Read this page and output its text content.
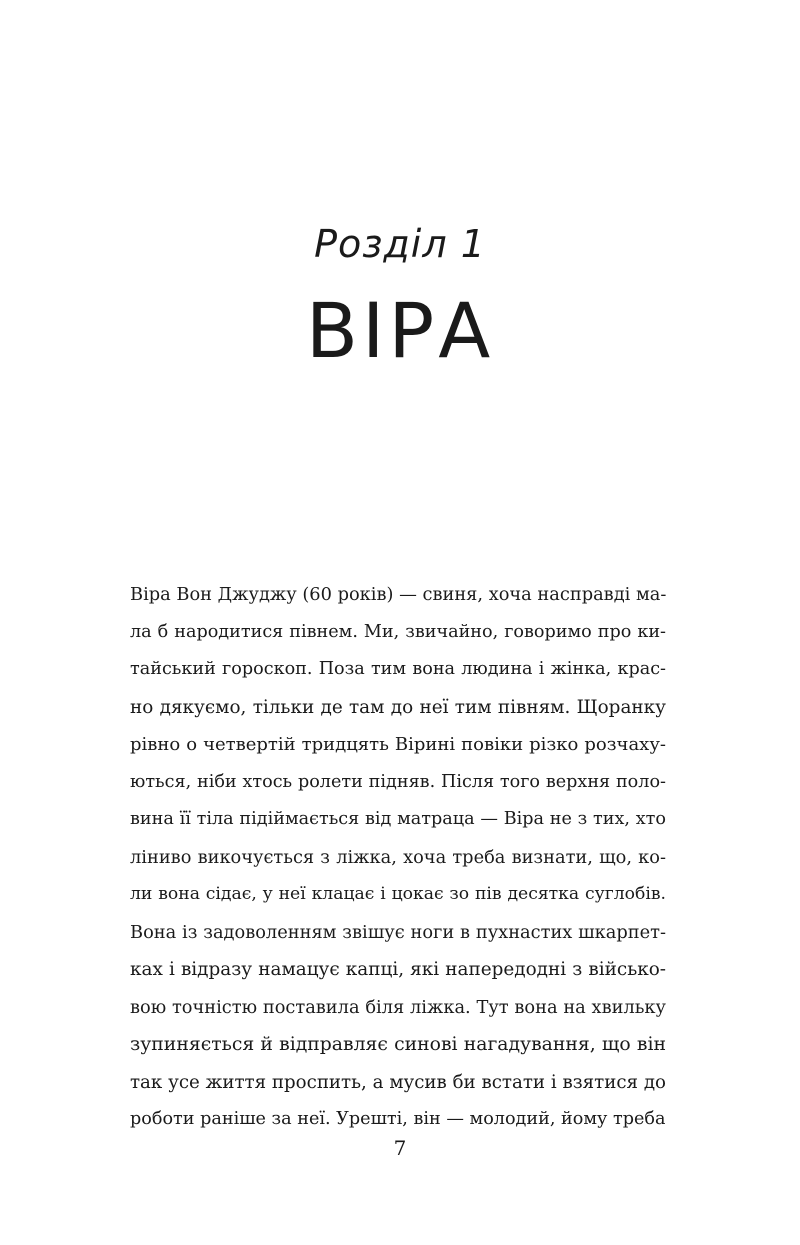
Розділ 1
ВІРА
Віра Вон Джуджу (60 років) — свиня, хоча насправді ма-
ла б народитися півнем. Ми, звичайно, говоримо про ки-
тайський гороскоп. Поза тим вона людина і жінка, крас-
но дякуємо, тільки де там до неї тим півням. Щоранку
рівно о четвертій тридцять Вірині повіки різко розчаху-
ються, ніби хтось ролети підняв. Після того верхня поло-
вина її тіла підіймається від матраца — Віра не з тих, хто
ліниво викочується з ліжка, хоча треба визнати, що, ко-
ли вона сідає, у неї клацає і цокає зо пів десятка суглобів.
Вона із задоволенням звішує ноги в пухнастих шкарпет-
ках і відразу намацує капці, які напередодні з військо-
вою точністю поставила біля ліжка. Тут вона на хвильку
зупиняється й відправляє синові нагадування, що він
так усе життя проспить, а мусив би встати і взятися до
роботи раніше за неї. Урешті, він — молодий, йому треба
7
